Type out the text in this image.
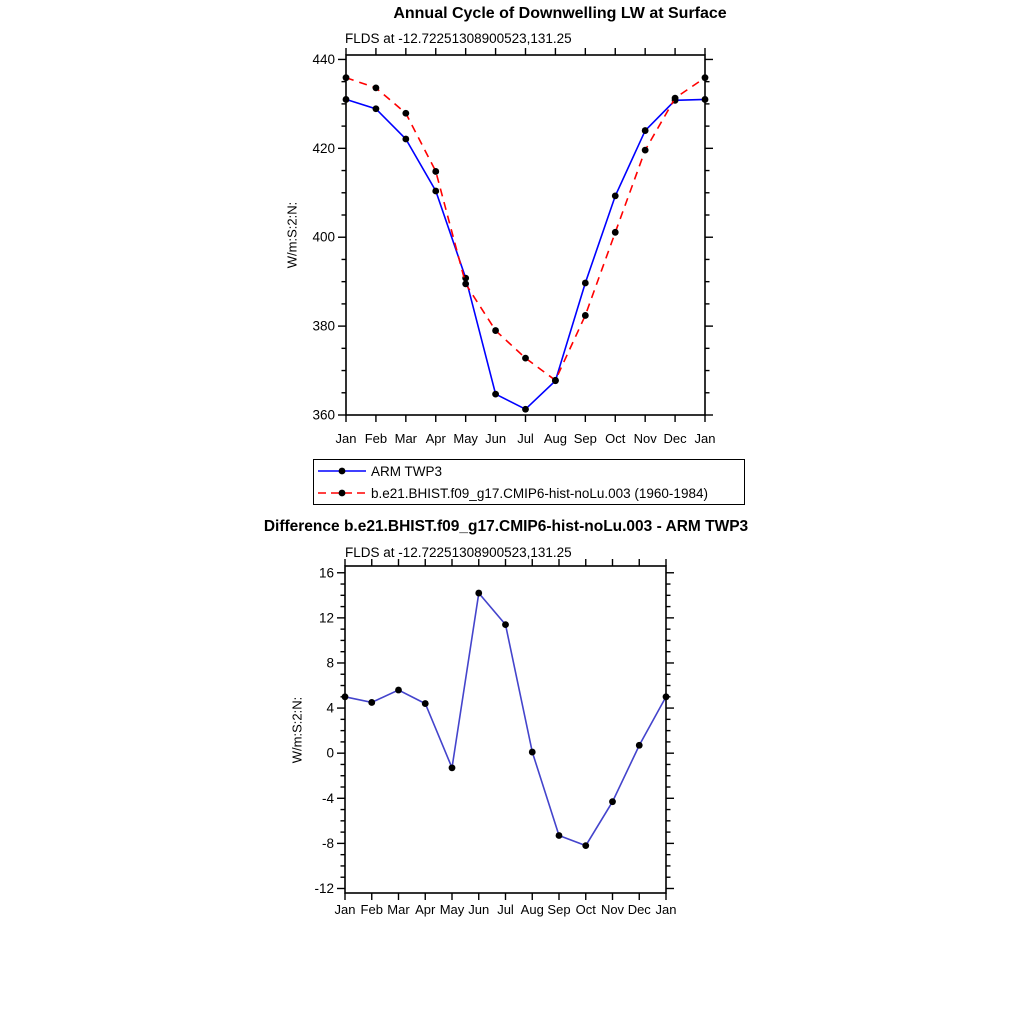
360
380
400
420
440
Jan Feb Mar Apr May Jun Jul Aug Sep Oct Nov Dec Jan
-12
-8
-4
0
4
8
12
16
Jan Feb Mar Apr May Jun Jul Aug Sep Oct Nov Dec Jan
Annual Cycle of Downwelling LW at Surface
FLDS at -12.72251308900523,131.25
W/m:S:2:N:
ARM TWP3
b.e21.BHIST.f09_g17.CMIP6-hist-noLu.003 (1960-1984)
Difference b.e21.BHIST.f09_g17.CMIP6-hist-noLu.003 - ARM TWP3
FLDS at -12.72251308900523,131.25
W/m:S:2:N:
